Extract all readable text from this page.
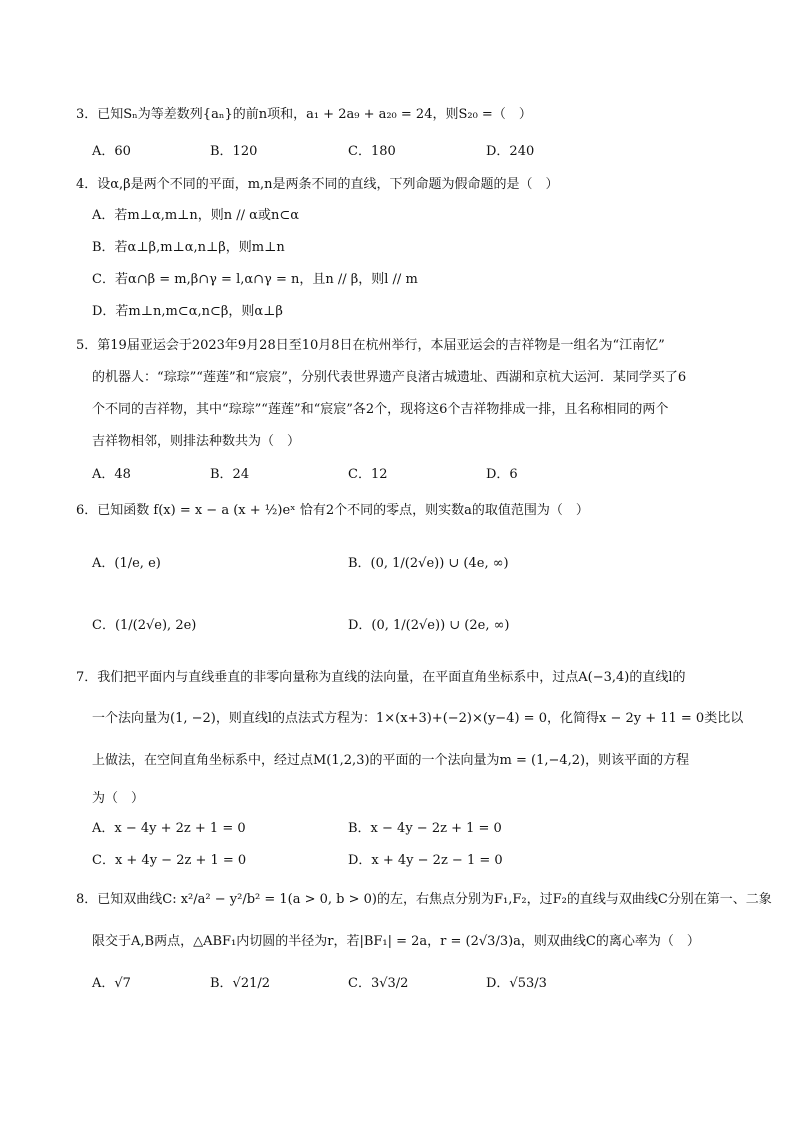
3．已知Sₙ为等差数列{aₙ}的前n项和，a₁ + 2a₉ + a₂₀ = 24，则S₂₀ =（　）
A．60	B．120	C．180	D．240
4．设α,β是两个不同的平面，m,n是两条不同的直线，下列命题为假命题的是（　）
A．若m⊥α,m⊥n，则n // α或n⊂α
B．若α⊥β,m⊥α,n⊥β，则m⊥n
C．若α∩β = m,β∩γ = l,α∩γ = n，且n // β，则l // m
D．若m⊥n,m⊂α,n⊂β，则α⊥β
5．第19届亚运会于2023年9月28日至10月8日在杭州举行，本届亚运会的吉祥物是一组名为“江南忆”
的机器人：“琮琮”“莲莲”和“宸宸”，分别代表世界遗产良渚古城遗址、西湖和京杭大运河．某同学买了6
个不同的吉祥物，其中“琮琮”“莲莲”和“宸宸”各2个，现将这6个吉祥物排成一排，且名称相同的两个
吉祥物相邻，则排法种数共为（　）
A．48	B．24	C．12	D．6
6．已知函数 f(x) = x − a (x + ½)eˣ 恰有2个不同的零点，则实数a的取值范围为（　）
A．(1/e, e)	B．(0, 1/(2√e)) ∪ (4e, ∞)
C．(1/(2√e), 2e)	D．(0, 1/(2√e)) ∪ (2e, ∞)
7．我们把平面内与直线垂直的非零向量称为直线的法向量，在平面直角坐标系中，过点A(−3,4)的直线l的
一个法向量为(1, −2)，则直线l的点法式方程为：1×(x+3)+(−2)×(y−4) = 0，化简得x − 2y + 11 = 0类比以
上做法，在空间直角坐标系中，经过点M(1,2,3)的平面的一个法向量为m = (1,−4,2)，则该平面的方程
为（　）
A．x − 4y + 2z + 1 = 0	B．x − 4y − 2z + 1 = 0
C．x + 4y − 2z + 1 = 0	D．x + 4y − 2z − 1 = 0
8．已知双曲线C: x²/a² − y²/b² = 1(a > 0, b > 0)的左，右焦点分别为F₁,F₂，过F₂的直线与双曲线C分别在第一、二象
限交于A,B两点，△ABF₁内切圆的半径为r，若|BF₁| = 2a，r = (2√3/3)a，则双曲线C的离心率为（　）
A．√7	B．√21/2	C．3√3/2	D．√53/3
